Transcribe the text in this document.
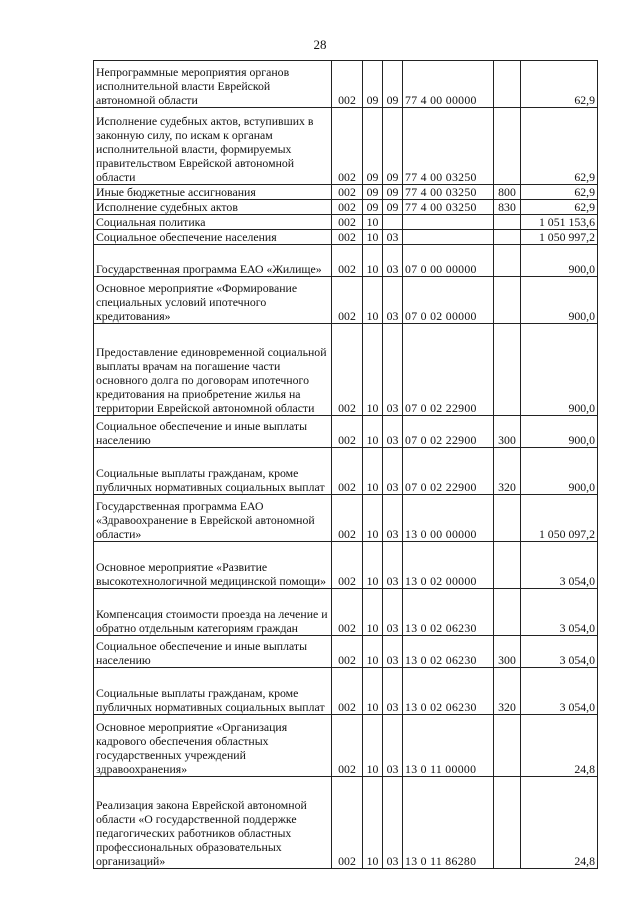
28
Непрограммные мероприятия органов исполнительной власти Еврейской автономной области	002	09	09	77 4 00 00000		62,9
Исполнение судебных актов, вступивших в законную силу, по искам к органам исполнительной власти, формируемых правительством Еврейской автономной области	002	09	09	77 4 00 03250		62,9
Иные бюджетные ассигнования	002	09	09	77 4 00 03250	800	62,9
Исполнение судебных актов	002	09	09	77 4 00 03250	830	62,9
Социальная политика	002	10				1 051 153,6
Социальное обеспечение населения	002	10	03			1 050 997,2
Государственная программа ЕАО «Жилище»	002	10	03	07 0 00 00000		900,0
Основное мероприятие «Формирование специальных условий ипотечного кредитования»	002	10	03	07 0 02 00000		900,0
Предоставление единовременной социальной выплаты врачам на погашение части основного долга по договорам ипотечного кредитования на приобретение жилья на территории Еврейской автономной области	002	10	03	07 0 02 22900		900,0
Социальное обеспечение и иные выплаты населению	002	10	03	07 0 02 22900	300	900,0
Социальные выплаты гражданам, кроме публичных нормативных социальных выплат	002	10	03	07 0 02 22900	320	900,0
Государственная программа ЕАО «Здравоохранение в Еврейской автономной области»	002	10	03	13 0 00 00000		1 050 097,2
Основное мероприятие «Развитие высокотехнологичной медицинской помощи»	002	10	03	13 0 02 00000		3 054,0
Компенсация стоимости проезда на лечение и обратно отдельным категориям граждан	002	10	03	13 0 02 06230		3 054,0
Социальное обеспечение и иные выплаты населению	002	10	03	13 0 02 06230	300	3 054,0
Социальные выплаты гражданам, кроме публичных нормативных социальных выплат	002	10	03	13 0 02 06230	320	3 054,0
Основное мероприятие «Организация кадрового обеспечения областных государственных учреждений здравоохранения»	002	10	03	13 0 11 00000		24,8
Реализация закона Еврейской автономной области «О государственной поддержке педагогических работников областных профессиональных образовательных организаций»	002	10	03	13 0 11 86280		24,8
